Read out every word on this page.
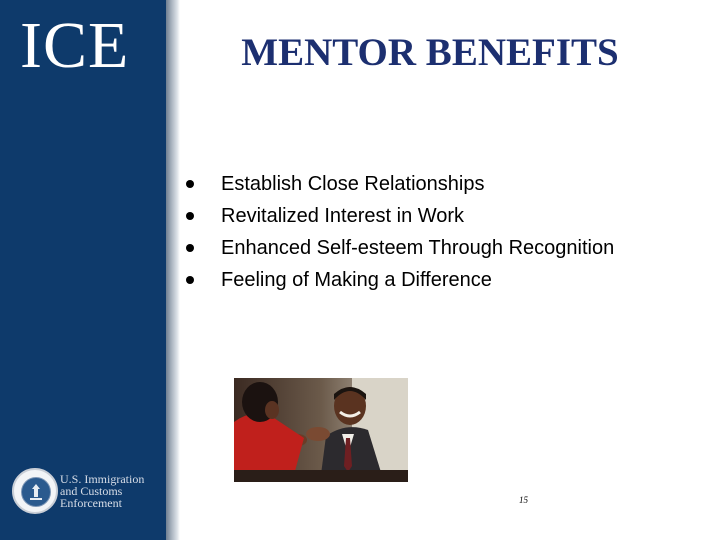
ICE
U.S. Immigration
and Customs
Enforcement
MENTOR BENEFITS
Establish Close Relationships
Revitalized Interest in Work
Enhanced Self-esteem Through Recognition
Feeling of Making a Difference
15
